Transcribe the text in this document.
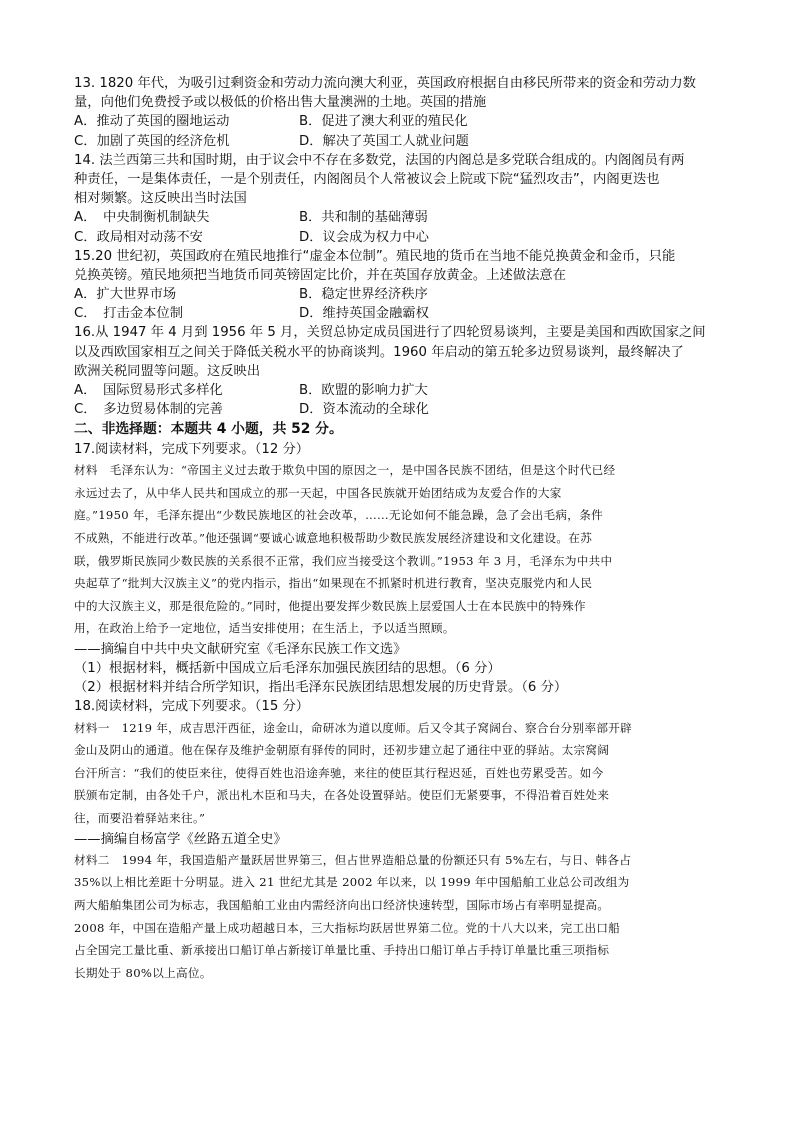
13. 1820 年代，为吸引过剩资金和劳动力流向澳大利亚，英国政府根据自由移民所带来的资金和劳动力数
量，向他们免费授予或以极低的价格出售大量澳洲的土地。英国的措施
A．推动了英国的圈地运动	B．促进了澳大利亚的殖民化
C．加剧了英国的经济危机	D．解决了英国工人就业问题
14. 法兰西第三共和国时期，由于议会中不存在多数党，法国的内阁总是多党联合组成的。内阁阁员有两
种责任，一是集体责任，一是个别责任，内阁阁员个人常被议会上院或下院“猛烈攻击”，内阁更迭也
相对频繁。这反映出当时法国
A．　中央制衡机制缺失	B．共和制的基础薄弱
C．政局相对动荡不安	D．议会成为权力中心
15.20 世纪初，英国政府在殖民地推行“虚金本位制”。殖民地的货币在当地不能兑换黄金和金币，只能
兑换英镑。殖民地须把当地货币同英镑固定比价，并在英国存放黄金。上述做法意在
A．扩大世界市场	B．稳定世界经济秩序
C．　打击金本位制	D．维持英国金融霸权
16.从 1947 年 4 月到 1956 年 5 月，关贸总协定成员国进行了四轮贸易谈判，主要是美国和西欧国家之间
以及西欧国家相互之间关于降低关税水平的协商谈判。1960 年启动的第五轮多边贸易谈判，最终解决了
欧洲关税同盟等问题。这反映出
A．　国际贸易形式多样化	B．欧盟的影响力扩大
C．　多边贸易体制的完善	D．资本流动的全球化
二、非选择题：本题共 4 小题，共 52 分。
17.阅读材料，完成下列要求。（12 分）
材料　毛泽东认为：“帝国主义过去敢于欺负中国的原因之一，是中国各民族不团结，但是这个时代已经
永远过去了，从中华人民共和国成立的那一天起，中国各民族就开始团结成为友爱合作的大家
庭。”1950 年，毛泽东提出“少数民族地区的社会改革，……无论如何不能急躁，急了会出毛病，条件
不成熟，不能进行改革。”他还强调“要诚心诚意地积极帮助少数民族发展经济建设和文化建设。在苏
联，俄罗斯民族同少数民族的关系很不正常，我们应当接受这个教训。”1953 年 3 月，毛泽东为中共中
央起草了“批判大汉族主义”的党内指示，指出“如果现在不抓紧时机进行教育，坚决克服党内和人民
中的大汉族主义，那是很危险的。”同时，他提出要发挥少数民族上层爱国人士在本民族中的特殊作
用，在政治上给予一定地位，适当安排使用；在生活上，予以适当照顾。
——摘编自中共中央文献研究室《毛泽东民族工作文选》
（1）根据材料，概括新中国成立后毛泽东加强民族团结的思想。（6 分）
（2）根据材料并结合所学知识，指出毛泽东民族团结思想发展的历史背景。（6 分）
18.阅读材料，完成下列要求。（15 分）
材料一　1219 年，成吉思汗西征，途金山，命研冰为道以度师。后又令其子窝阔台、察合台分别率部开辟
金山及阴山的通道。他在保存及维护金朝原有驿传的同时，还初步建立起了通往中亚的驿站。太宗窝阔
台汗所言：“我们的使臣来往，使得百姓也沿途奔驰，来往的使臣其行程迟延，百姓也劳累受苦。如今
朕颁布定制，由各处千户，派出札木臣和马夫，在各处设置驿站。使臣们无紧要事，不得沿着百姓处来
往，而要沿着驿站来往。”
——摘编自杨富学《丝路五道全史》
材料二　1994 年，我国造船产量跃居世界第三，但占世界造船总量的份额还只有 5%左右，与日、韩各占
35%以上相比差距十分明显。进入 21 世纪尤其是 2002 年以来，以 1999 年中国船舶工业总公司改组为
两大船舶集团公司为标志，我国船舶工业由内需经济向出口经济快速转型，国际市场占有率明显提高。
2008 年，中国在造船产量上成功超越日本，三大指标均跃居世界第二位。党的十八大以来，完工出口船
占全国完工量比重、新承接出口船订单占新接订单量比重、手持出口船订单占手持订单量比重三项指标
长期处于 80%以上高位。
